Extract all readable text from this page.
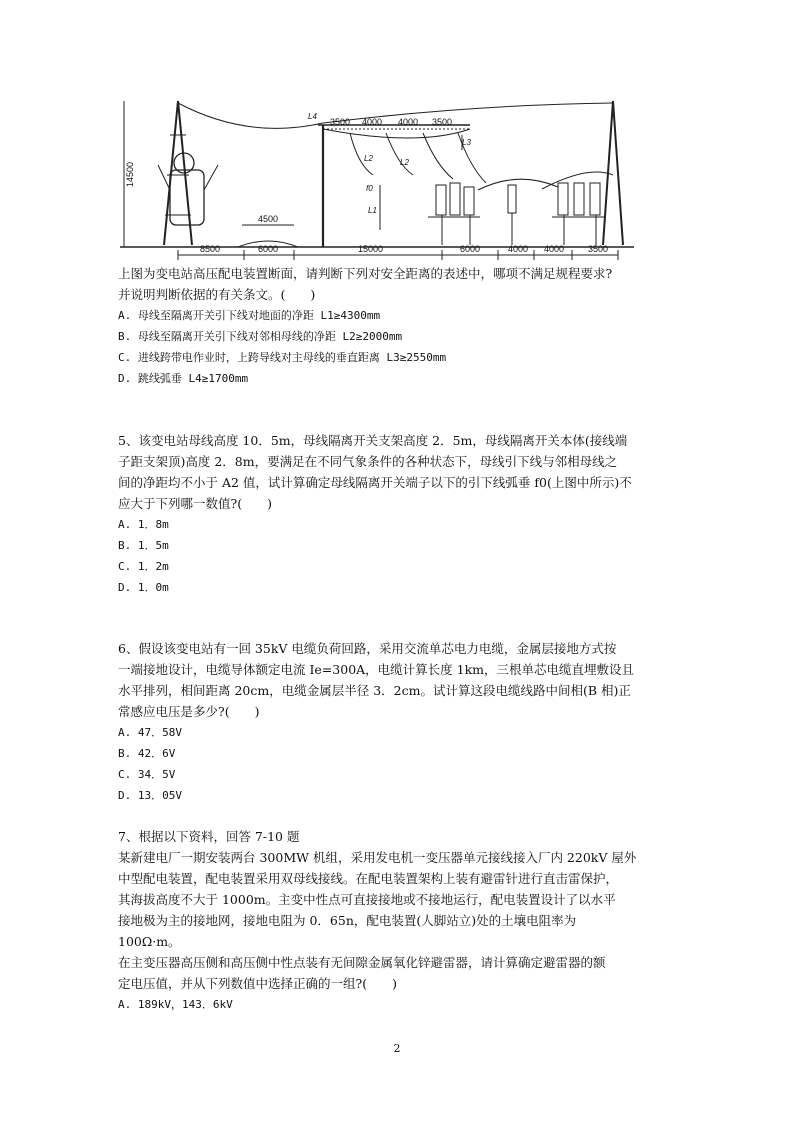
14500
3500 4000 4000 3500
4500
8500	6000	15000	6000	4000 4000	3500
L3
L4
L2	L2
f0
L1

上图为变电站高压配电装置断面，请判断下列对安全距离的表述中，哪项不满足规程要求?

并说明判断依据的有关条文。(　　)

A. 母线至隔离开关引下线对地面的净距 L1≥4300mm

B. 母线至隔离开关引下线对邻相母线的净距 L2≥2000mm

C. 进线跨带电作业时，上跨导线对主母线的垂直距离 L3≥2550mm

D. 跳线弧垂 L4≥1700mm

5、该变电站母线高度 10．5m，母线隔离开关支架高度 2．5m，母线隔离开关本体(接线端

子距支架顶)高度 2．8m，要满足在不同气象条件的各种状态下，母线引下线与邻相母线之

间的净距均不小于 A2 值，试计算确定母线隔离开关端子以下的引下线弧垂 f0(上图中所示)不

应大于下列哪一数值?(　　)

A. 1．8m

B. 1．5m

C. 1．2m

D. 1．0m

6、假设该变电站有一回 35kV 电缆负荷回路，采用交流单芯电力电缆，金属层接地方式按

一端接地设计，电缆导体额定电流 Ie=300A，电缆计算长度 1km，三根单芯电缆直埋敷设且

水平排列，相间距离 20cm，电缆金属层半径 3．2cm。试计算这段电缆线路中间相(B 相)正

常感应电压是多少?(　　)

A. 47．58V

B. 42．6V

C. 34．5V

D. 13．05V

7、根据以下资料，回答 7-10 题

某新建电厂一期安装两台 300MW 机组，采用发电机一变压器单元接线接入厂内 220kV 屋外

中型配电装置，配电装置采用双母线接线。在配电装置架构上装有避雷针进行直击雷保护，

其海拔高度不大于 1000m。主变中性点可直接接地或不接地运行，配电装置设计了以水平

接地极为主的接地网，接地电阻为 0．65n，配电装置(人脚站立)处的土壤电阻率为

100Ω·m。

在主变压器高压侧和高压侧中性点装有无间隙金属氧化锌避雷器，请计算确定避雷器的额

定电压值，并从下列数值中选择正确的一组?(　　)

A. 189kV，143．6kV

2
